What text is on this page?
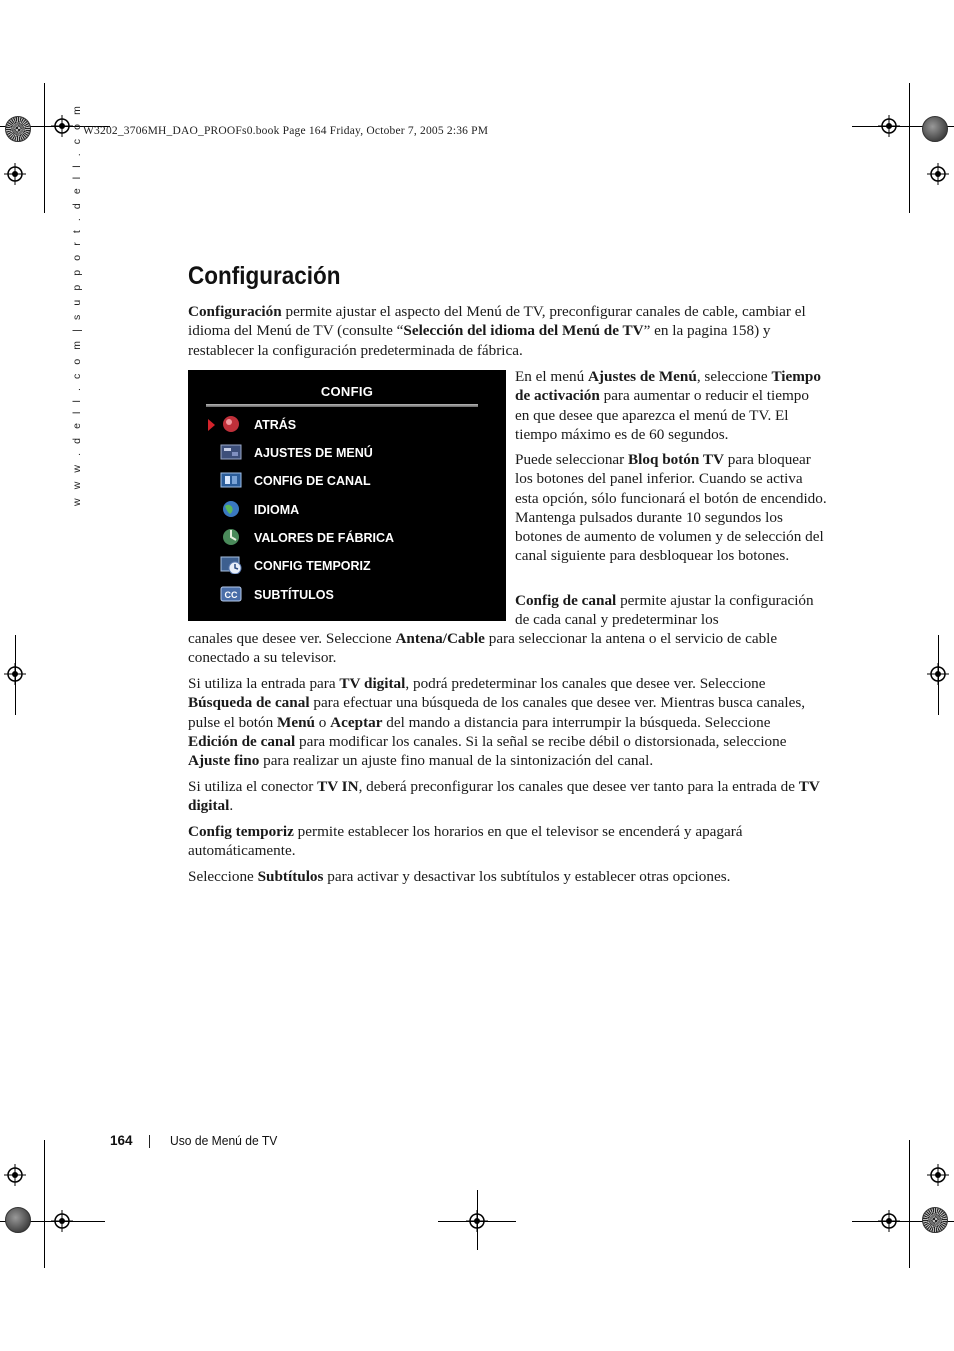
W3202_3706MH_DAO_PROOFs0.book Page 164 Friday, October 7, 2005 2:36 PM
w w w . d e l l . c o m | s u p p o r t . d e l l . c o m	Configuración

Configuración permite ajustar el aspecto del Menú de TV, preconfigurar canales de cable, cambiar el idioma del Menú de TV (consulte “Selección del idioma del Menú de TV” en la pagina 158) y restablecer la configuración predeterminada de fábrica.

CONFIG
ATRÁS
AJUSTES DE MENÚ
CONFIG DE CANAL
IDIOMA
VALORES DE FÁBRICA
CONFIG TEMPORIZ
CC SUBTÍTULOS

En el menú Ajustes de Menú, seleccione Tiempo de activación para aumentar o reducir el tiempo en que desee que aparezca el menú de TV. El tiempo máximo es de 60 segundos.

Puede seleccionar Bloq botón TV para bloquear los botones del panel inferior. Cuando se activa esta opción, sólo funcionará el botón de encendido. Mantenga pulsados durante 10 segundos los botones de aumento de volumen y de selección del canal siguiente para desbloquear los botones.

Config de canal permite ajustar la configuración de cada canal y predeterminar los

canales que desee ver. Seleccione Antena/Cable para seleccionar la antena o el servicio de cable conectado a su televisor.

Si utiliza la entrada para TV digital, podrá predeterminar los canales que desee ver. Seleccione Búsqueda de canal para efectuar una búsqueda de los canales que desee ver. Mientras busca canales, pulse el botón Menú o Aceptar del mando a distancia para interrumpir la búsqueda. Seleccione Edición de canal para modificar los canales. Si la señal se recibe débil o distorsionada, seleccione Ajuste fino para realizar un ajuste fino manual de la sintonización del canal.

Si utiliza el conector TV IN, deberá preconfigurar los canales que desee ver tanto para la entrada de TV digital.

Config temporiz permite establecer los horarios en que el televisor se encenderá y apagará automáticamente.

Seleccione Subtítulos para activar y desactivar los subtítulos y establecer otras opciones.

164	Uso de Menú de TV
